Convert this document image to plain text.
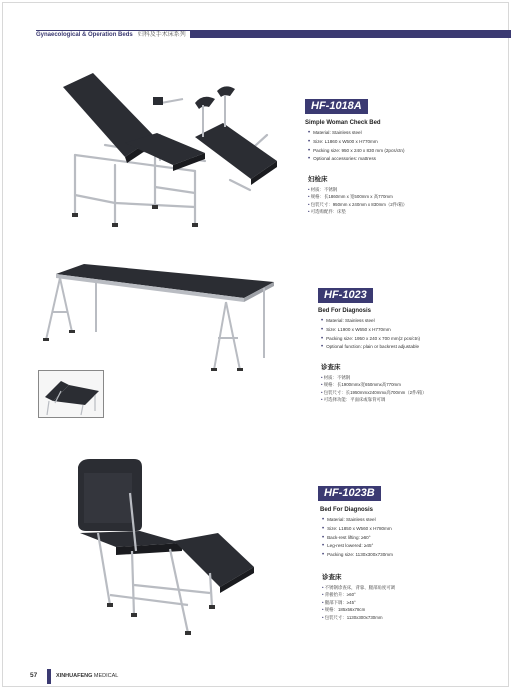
Gynaecological & Operation Beds 妇科及手术床系列
HF-1018A
Simple Woman Check Bed
• Material: Stainless steel
• Size: L1860 x W500 x H770mm
• Packing size: 950 x 240 x 830 mm (2pcs/ctn)
• Optional accessories: mattress
妇检床
• 材质：不锈钢
• 规格：长1860mm x 宽500mm x 高770mm
• 包装尺寸：950mm x 240mm x 830mm（2件/箱）
• 可选购配件：床垫
HF-1023
Bed For Diagnosis
• Material: Stainless steel
• Size: L1900 x W650 x H770mm
• Packing size: 1950 x 240 x 700 mm(2 pcs/ctn)
• Optional function: plain or backrest adjustable
诊查床
• 材质：不锈钢
• 规格：长1900mmx宽650mmx高770mm
• 包装尺寸：长1950mmx240mmx高700mm（2件/箱）
• 可选择功能：平面床或靠背可调
HF-1023B
Bed For Diagnosis
• Material: Stainless steel
• Size: L1850 x W560 x H780mm
• Back-rest lifting: ≥60°
• Leg-rest lowered: ≥45°
• Packing size: 1130x300x730mm
诊查床
• 不锈钢诊查床，背靠、腿部角度可调
• 背板抬升：≥60°
• 腿部下调：≥45°
• 规格：185x56x78cm
• 包装尺寸：1130x300x730mm
57	XINHUAFENG MEDICAL
